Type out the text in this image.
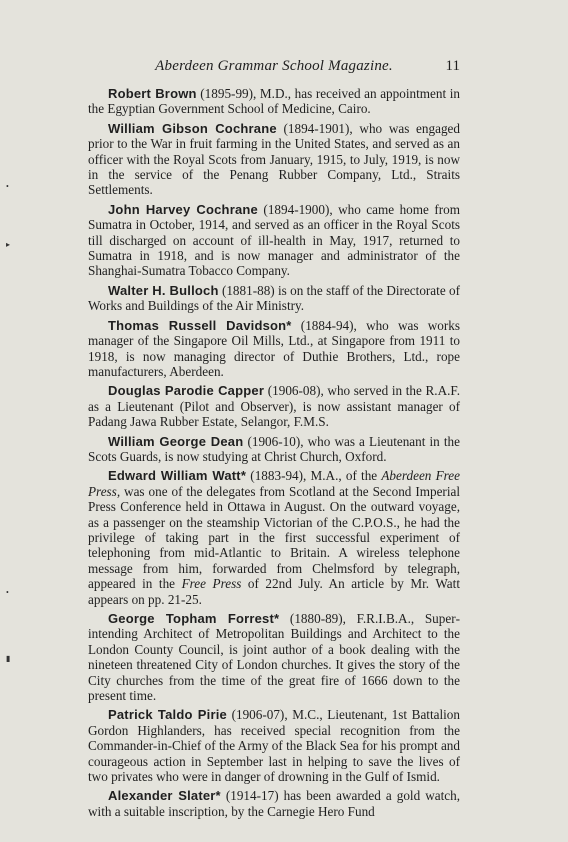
Aberdeen Grammar School Magazine.	11
•
▸
•
▮

Robert Brown (1895-99), M.D., has received an appointment in the Egyptian Government School of Medicine, Cairo.

William Gibson Cochrane (1894-1901), who was engaged prior to the War in fruit farming in the United States, and served as an officer with the Royal Scots from January, 1915, to July, 1919, is now in the service of the Penang Rubber Company, Ltd., Straits Settlements.

John Harvey Cochrane (1894-1900), who came home from Sumatra in October, 1914, and served as an officer in the Royal Scots till discharged on account of ill-health in May, 1917, returned to Sumatra in 1918, and is now manager and administrator of the Shanghai-Sumatra Tobacco Company.

Walter H. Bulloch (1881-88) is on the staff of the Directorate of Works and Buildings of the Air Ministry.

Thomas Russell Davidson* (1884-94), who was works manager of the Singapore Oil Mills, Ltd., at Singapore from 1911 to 1918, is now managing director of Duthie Brothers, Ltd., rope manufacturers, Aberdeen.

Douglas Parodie Capper (1906-08), who served in the R.A.F. as a Lieutenant (Pilot and Observer), is now assistant manager of Padang Jawa Rubber Estate, Selangor, F.M.S.

William George Dean (1906-10), who was a Lieutenant in the Scots Guards, is now studying at Christ Church, Oxford.

Edward William Watt* (1883-94), M.A., of the Aberdeen Free Press, was one of the delegates from Scotland at the Second Imperial Press Conference held in Ottawa in August. On the outward voyage, as a passenger on the steamship Victorian of the C.P.O.S., he had the privilege of taking part in the first successful experiment of telephoning from mid-Atlantic to Britain. A wireless telephone message from him, forwarded from Chelmsford by telegraph, appeared in the Free Press of 22nd July. An article by Mr. Watt appears on pp. 21-25.

George Topham Forrest* (1880-89), F.R.I.B.A., Superintending Architect of Metropolitan Buildings and Architect to the London County Council, is joint author of a book dealing with the nineteen threatened City of London churches. It gives the story of the City churches from the time of the great fire of 1666 down to the present time.

Patrick Taldo Pirie (1906-07), M.C., Lieutenant, 1st Battalion Gordon Highlanders, has received special recognition from the Commander-in-Chief of the Army of the Black Sea for his prompt and courageous action in September last in helping to save the lives of two privates who were in danger of drowning in the Gulf of Ismid.

Alexander Slater* (1914-17) has been awarded a gold watch, with a suitable inscription, by the Carnegie Hero Fund
